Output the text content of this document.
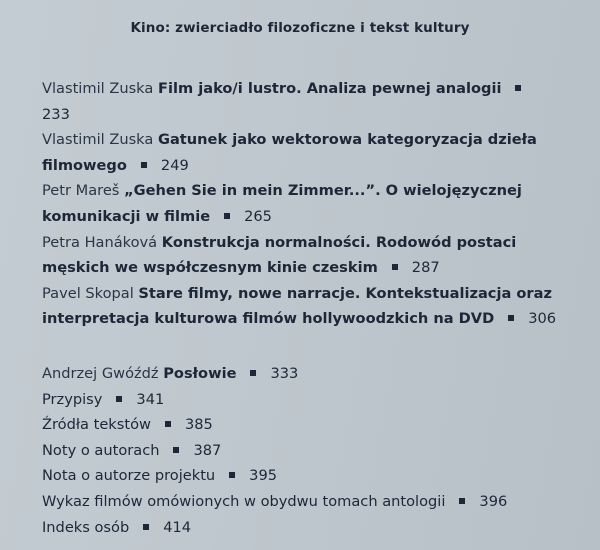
Kino: zwierciadło filozoficzne i tekst kultury
Vlastimil Zuska Film jako/i lustro. Analiza pewnej analogii233
Vlastimil Zuska Gatunek jako wektorowa kategoryzacja dzieła filmowego 249
Petr Mareš „Gehen Sie in mein Zimmer...”. O wielojęzycznej komunikacji w filmie 265
Petra Hanáková Konstrukcja normalności. Rodowód postaci męskich we współczesnym kinie czeskim 287
Pavel Skopal Stare filmy, nowe narracje. Kontekstualizacja oraz interpretacja kulturowa filmów hollywoodzkich na DVD 306
Andrzej Gwóźdź Posłowie 333
Przypisy 341
Źródła tekstów 385
Noty o autorach 387
Nota o autorze projektu 395
Wykaz filmów omówionych w obydwu tomach antologii 396
Indeks osób 414
